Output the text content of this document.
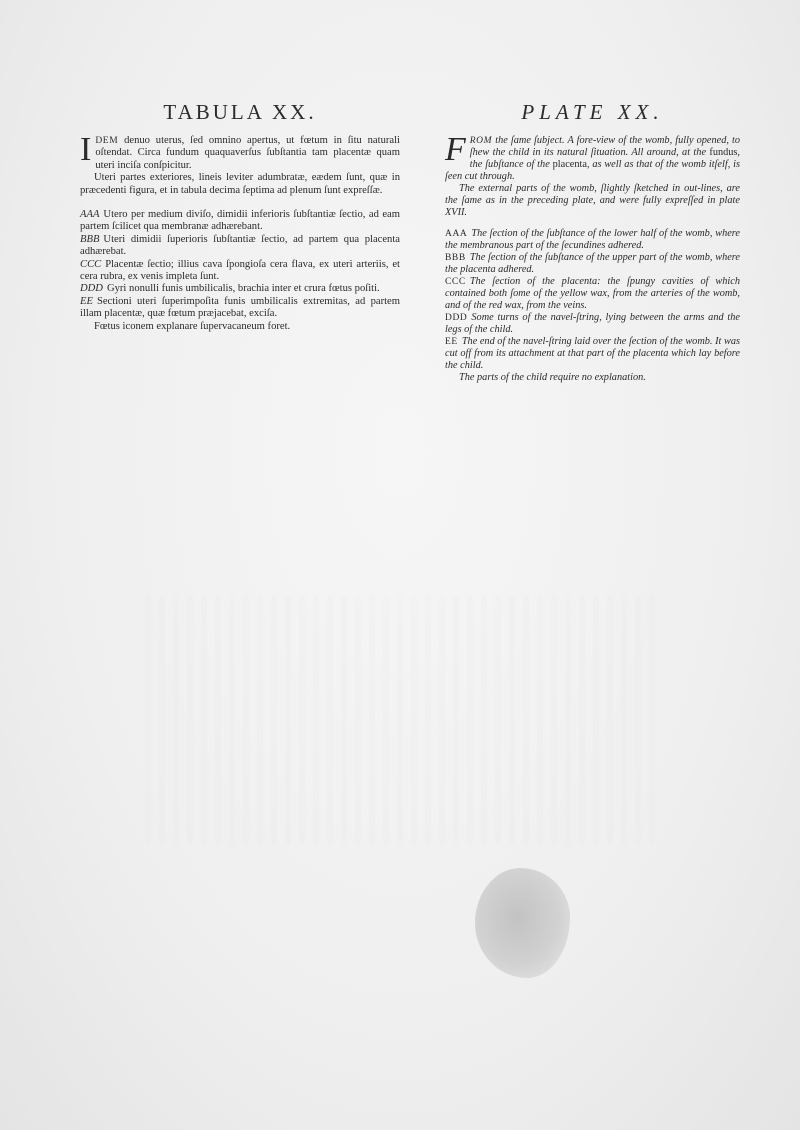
TABULA XX.

IDEM denuo uterus, ſed omnino apertus, ut fœtum in ſitu naturali oſtendat. Circa fundum quaquaverſus ſubſtantia tam placentæ quam uteri inciſa conſpicitur.

Uteri partes exteriores, lineis leviter adumbratæ, eædem ſunt, quæ in præcedenti figura, et in tabula decima ſeptima ad plenum ſunt expreſſæ.

AAA Utero per medium diviſo, dimidii inferioris ſubſtantiæ ſectio, ad eam partem ſcilicet qua membranæ adhærebant.

BBB Uteri dimidii ſuperioris ſubſtantiæ ſectio, ad partem qua placenta adhærebat.

CCC Placentæ ſectio; illius cava ſpongioſa cera flava, ex uteri arteriis, et cera rubra, ex venis impleta ſunt.

DDD Gyri nonulli funis umbilicalis, brachia inter et crura fœtus poſiti.

EE Sectioni uteri ſuperimpoſita funis umbilicalis extremitas, ad partem illam placentæ, quæ fœtum præjacebat, exciſa.

Fœtus iconem explanare ſupervacaneum foret.

PLATE XX.

FROM the ſame ſubject. A fore-view of the womb, fully opened, to ſhew the child in its natural ſituation. All around, at the fundus, the ſubſtance of the placenta, as well as that of the womb itſelf, is ſeen cut through.

The external parts of the womb, ſlightly ſketched in out-lines, are the ſame as in the preceding plate, and were fully expreſſed in plate XVII.

AAA The ſection of the ſubſtance of the lower half of the womb, where the membranous part of the ſecundines adhered.

BBB The ſection of the ſubſtance of the upper part of the womb, where the placenta adhered.

CCC The ſection of the placenta: the ſpungy cavities of which contained both ſome of the yellow wax, from the arteries of the womb, and of the red wax, from the veins.

DDD Some turns of the navel-ſtring, lying between the arms and the legs of the child.

EE The end of the navel-ſtring laid over the ſection of the womb. It was cut off from its attachment at that part of the placenta which lay before the child.

The parts of the child require no explanation.
